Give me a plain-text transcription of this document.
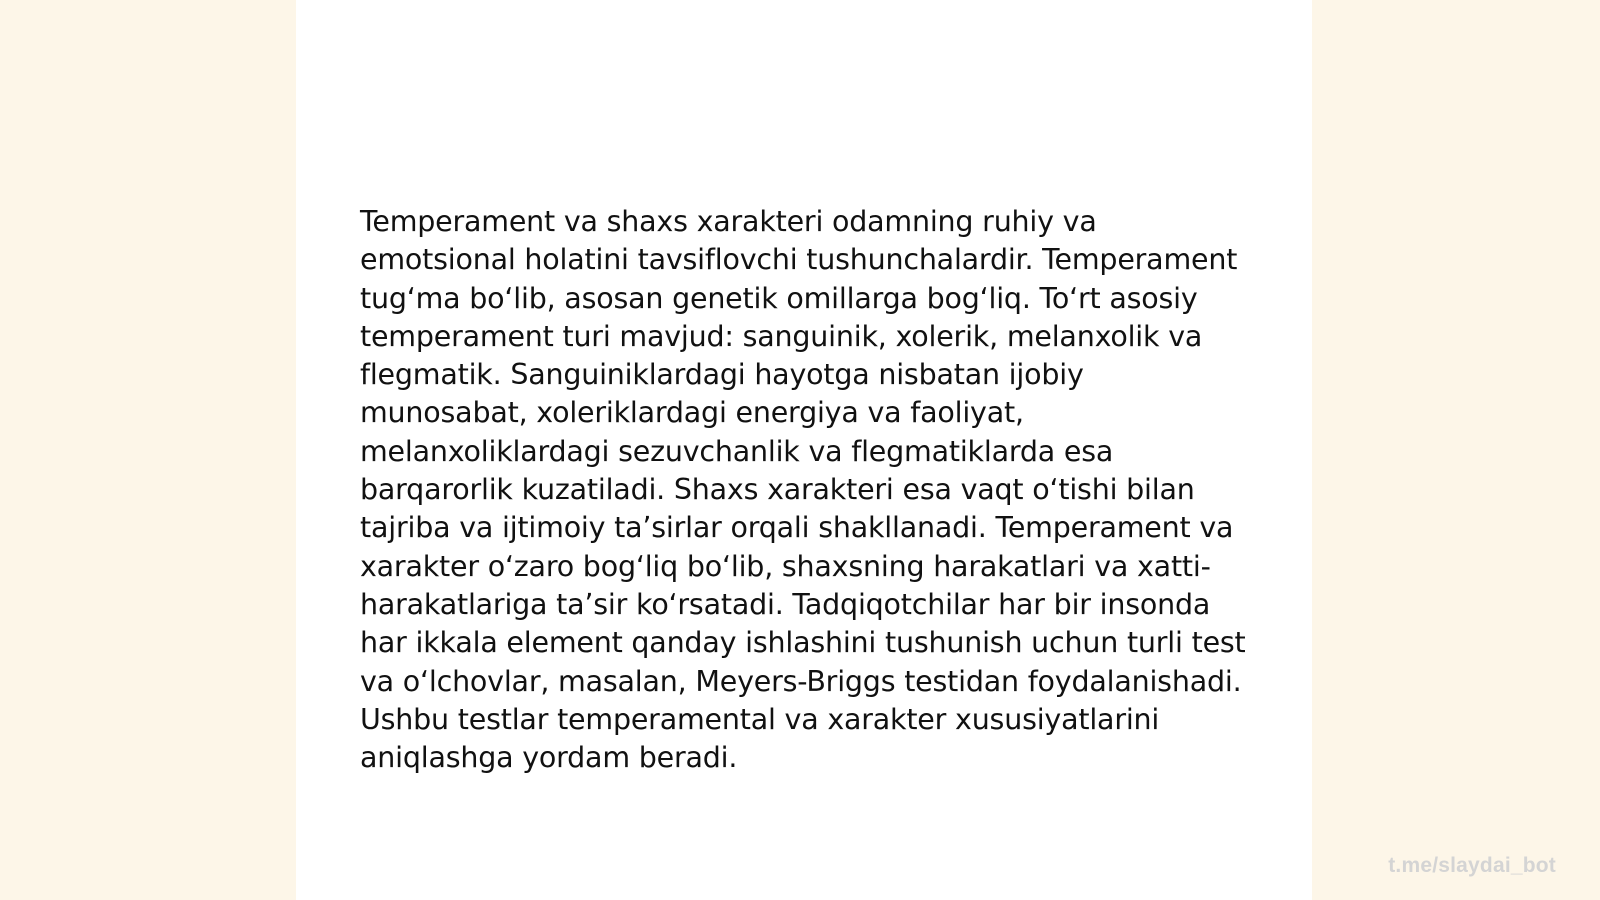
Temperament va shaxs xarakteri odamning ruhiy va emotsional holatini tavsiflovchi tushunchalardir. Temperament tugʻma boʻlib, asosan genetik omillarga bogʻliq. Toʻrt asosiy temperament turi mavjud: sanguinik, xolerik, melanxolik va flegmatik. Sanguiniklardagi hayotga nisbatan ijobiy munosabat, xoleriklardagi energiya va faoliyat, melanxoliklardagi sezuvchanlik va flegmatiklarda esa barqarorlik kuzatiladi. Shaxs xarakteri esa vaqt oʻtishi bilan tajriba va ijtimoiy taʼsirlar orqali shakllanadi. Temperament va xarakter oʻzaro bogʻliq boʻlib, shaxsning harakatlari va xatti-harakatlariga taʼsir koʻrsatadi. Tadqiqotchilar har bir insonda har ikkala element qanday ishlashini tushunish uchun turli test va oʻlchovlar, masalan, Meyers-Briggs testidan foydalanishadi. Ushbu testlar temperamental va xarakter xususiyatlarini aniqlashga yordam beradi.

t.me/slaydai_bot
